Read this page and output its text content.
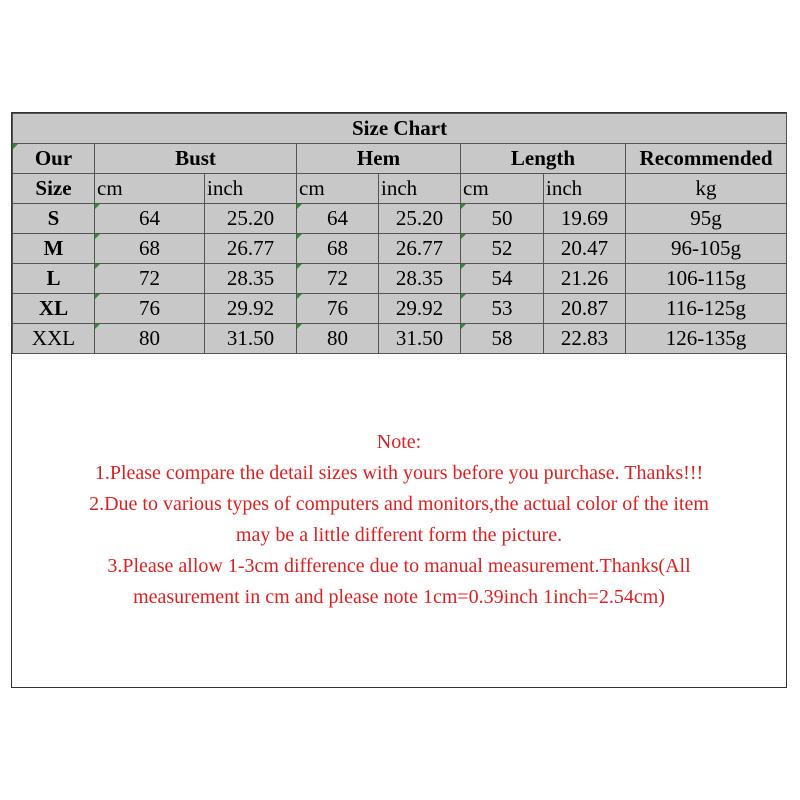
Size Chart							
Our	Bust		Hem		Length		Recommended
Size	cm	inch	cm	inch	cm	inch	kg
S	64	25.20	64	25.20	50	19.69	95g
M	68	26.77	68	26.77	52	20.47	96-105g
L	72	28.35	72	28.35	54	21.26	106-115g
XL	76	29.92	76	29.92	53	20.87	116-125g
XXL	80	31.50	80	31.50	58	22.83	126-135g
Note:
1.Please compare the detail sizes with yours before you purchase. Thanks!!!
2.Due to various types of computers and monitors,the actual color of the item
may be a little different form the picture.
3.Please allow 1-3cm difference due to manual measurement.Thanks(All
measurement in cm and please note 1cm=0.39inch 1inch=2.54cm)
